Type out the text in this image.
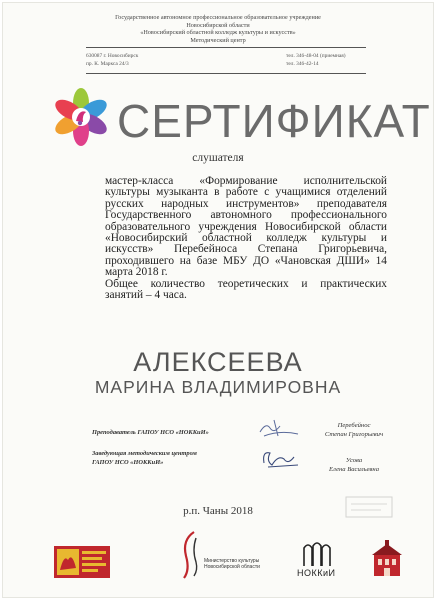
Государственное автономное профессиональное образовательное учреждение
Новосибирской области
«Новосибирский областной колледж культуры и искусств»
Методический центр
630087 г. Новосибирск
пр. К. Маркса 24/3
тел. 346-48-04 (приемная)
тел. 346-42-14
СЕРТИФИКАТ
слушателя

мастер-класса «Формирование исполнительской культуры музыканта в работе с учащимися отделений русских народных инструментов» преподавателя Государственного автономного профессионального образовательного учреждения Новосибирской области «Новосибирский областной колледж культуры и искусств» Перебейноса Степана Григорьевича, проходившего на базе МБУ ДО «Чановская ДШИ» 14 марта 2018 г.

Общее количество теоретических и практических занятий – 4 часа.

АЛЕКСЕЕВА
МАРИНА ВЛАДИМИРОВНА
Преподаватель ГАПОУ НСО «НОККиИ»
Перебейнос
Степан Григорьевич
Заведующая методическим центром
ГАПОУ НСО «НОККиИ»	Усова
Елена Васильевна
р.п. Чаны 2018
Министерство культуры
Новосибирской области
НОККиИ
